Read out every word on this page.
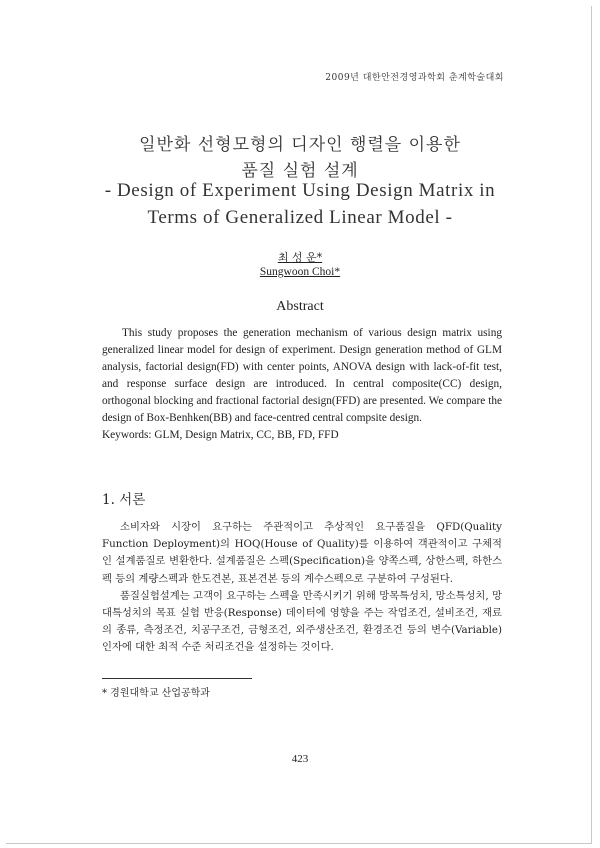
2009년 대한안전경영과학회 춘계학술대회
일반화 선형모형의 디자인 행렬을 이용한
품질 실험 설계
- Design of Experiment Using Design Matrix in
Terms of Generalized Linear Model -
최 성 운*
Sungwoon Choi*
Abstract
This study proposes the generation mechanism of various design matrix using generalized linear model for design of experiment. Design generation method of GLM analysis, factorial design(FD) with center points, ANOVA design with lack-of-fit test, and response surface design are introduced. In central composite(CC) design, orthogonal blocking and fractional factorial design(FFD) are presented. We compare the design of Box-Benhken(BB) and face-centred central compsite design.
Keywords: GLM, Design Matrix, CC, BB, FD, FFD
1. 서론

소비자와 시장이 요구하는 주관적이고 추상적인 요구품질을 QFD(Quality Function Deployment)의 HOQ(House of Quality)를 이용하여 객관적이고 구체적인 설계품질로 변환한다. 설계품질은 스펙(Specification)을 양쪽스펙, 상한스펙, 하한스펙 등의 계량스펙과 한도견본, 표본견본 등의 계수스펙으로 구분하여 구성된다.

품질실험설계는 고객이 요구하는 스펙을 만족시키기 위해 망목특성치, 망소특성치, 망대특성치의 목표 실험 반응(Response) 데이터에 영향을 주는 작업조건, 설비조건, 재료의 종류, 측정조건, 치공구조건, 금형조건, 외주생산조건, 환경조건 등의 변수(Variable)인자에 대한 최적 수준 처리조건을 설정하는 것이다.

* 경원대학교 산업공학과
423
